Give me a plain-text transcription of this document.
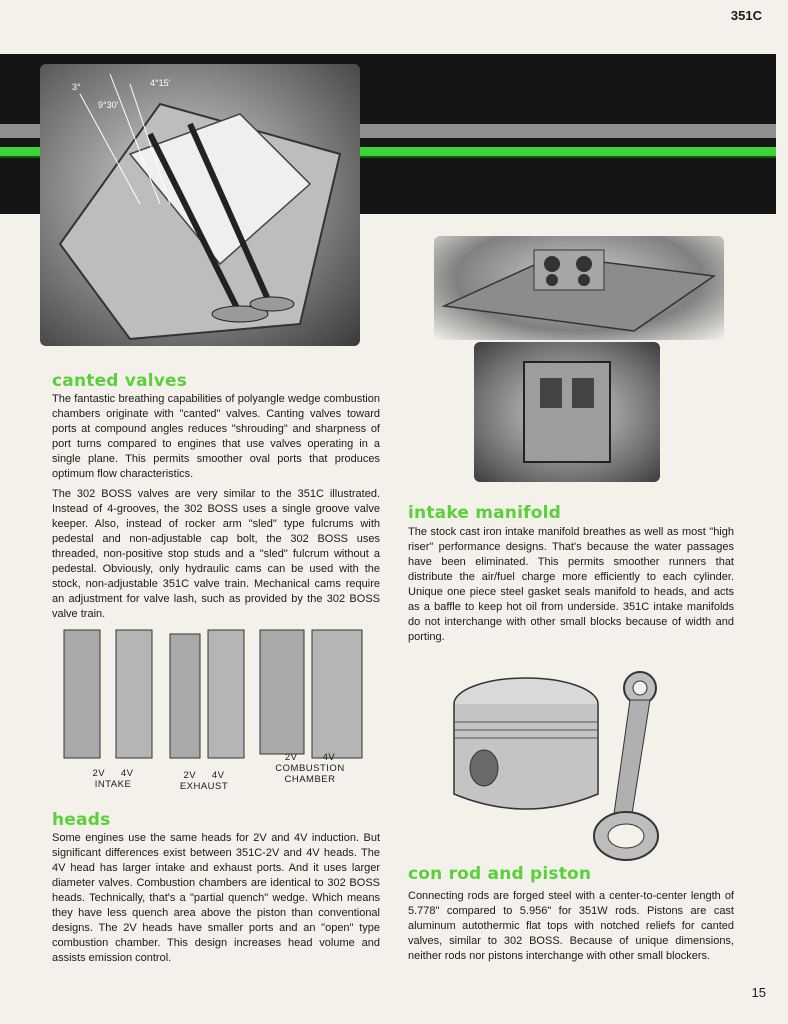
351C
3°	4°15'
9°30'
canted valves

The fantastic breathing capabilities of polyangle wedge combustion chambers originate with "canted" valves. Canting valves toward ports at compound angles reduces "shrouding" and sharpness of port turns compared to engines that use valves operating in a single plane. This permits smoother oval ports that produces optimum flow characteristics.

The 302 BOSS valves are very similar to the 351C illustrated. Instead of 4-grooves, the 302 BOSS uses a single groove valve keeper. Also, instead of rocker arm "sled" type fulcrums with pedestal and non-adjustable cap bolt, the 302 BOSS uses threaded, non-positive stop studs and a "sled" fulcrum without a pedestal. Obviously, only hydraulic cams can be used with the stock, non-adjustable 351C valve train. Mechanical cams require an adjustment for valve lash, such as provided by the 302 BOSS valve train.

2V 4V
INTAKE
2V 4V
EXHAUST
2V	4V
COMBUSTION
CHAMBER
heads

Some engines use the same heads for 2V and 4V induction. But significant differences exist between 351C-2V and 4V heads. The 4V head has larger intake and exhaust ports. And it uses larger diameter valves. Combustion chambers are identical to 302 BOSS heads. Technically, that's a "partial quench" wedge. Which means they have less quench area above the piston than conventional designs. The 2V heads have smaller ports and an "open" type combustion chamber. This design increases head volume and assists emission control.

intake manifold

The stock cast iron intake manifold breathes as well as most "high riser" performance designs. That's because the water passages have been eliminated. This permits smoother runners that distribute the air/fuel charge more efficiently to each cylinder. Unique one piece steel gasket seals manifold to heads, and acts as a baffle to keep hot oil from underside. 351C intake manifolds do not interchange with other small blocks because of width and porting.

con rod and piston

Connecting rods are forged steel with a center-to-center length of 5.778" compared to 5.956" for 351W rods. Pistons are cast aluminum autothermic flat tops with notched reliefs for canted valves, similar to 302 BOSS. Because of unique dimensions, neither rods nor pistons interchange with other small blockers.

15
